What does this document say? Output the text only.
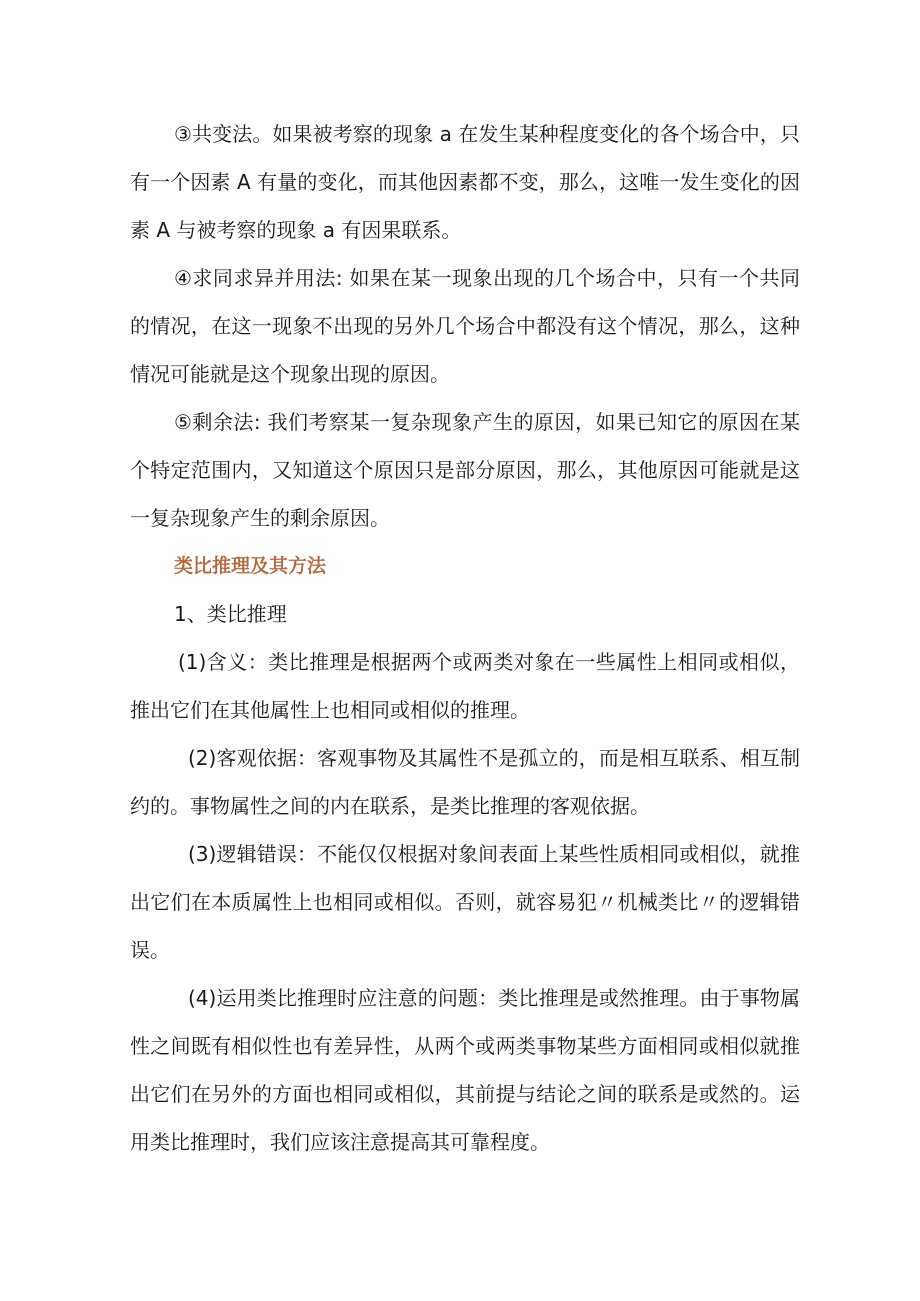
③共变法。如果被考察的现象 a 在发生某种程度变化的各个场合中，只有一个因素 A 有量的变化，而其他因素都不变，那么，这唯一发生变化的因素 A 与被考察的现象 a 有因果联系。

④求同求异并用法: 如果在某一现象出现的几个场合中，只有一个共同的情况，在这一现象不出现的另外几个场合中都没有这个情况，那么，这种情况可能就是这个现象出现的原因。

⑤剩余法: 我们考察某一复杂现象产生的原因，如果已知它的原因在某个特定范围内，又知道这个原因只是部分原因，那么，其他原因可能就是这一复杂现象产生的剩余原因。

类比推理及其方法

1、类比推理

(1)含义：类比推理是根据两个或两类对象在一些属性上相同或相似，推出它们在其他属性上也相同或相似的推理。

(2)客观依据：客观事物及其属性不是孤立的，而是相互联系、相互制约的。事物属性之间的内在联系，是类比推理的客观依据。

(3)逻辑错误：不能仅仅根据对象间表面上某些性质相同或相似，就推出它们在本质属性上也相同或相似。否则，就容易犯〃机械类比〃的逻辑错误。

(4)运用类比推理时应注意的问题：类比推理是或然推理。由于事物属性之间既有相似性也有差异性，从两个或两类事物某些方面相同或相似就推出它们在另外的方面也相同或相似，其前提与结论之间的联系是或然的。运用类比推理时，我们应该注意提高其可靠程度。
